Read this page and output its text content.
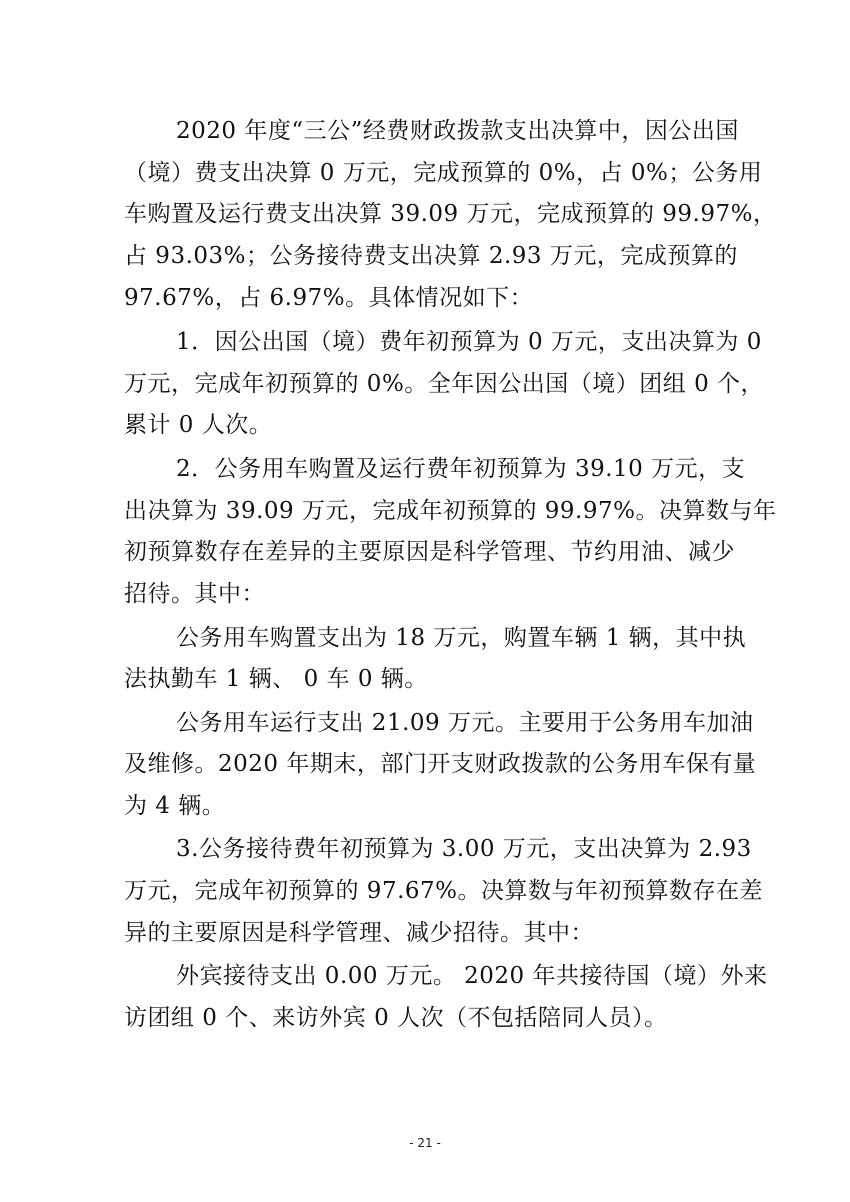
2020 年度“三公”经费财政拨款支出决算中，因公出国
（境）费支出决算 0 万元，完成预算的 0%，占 0%；公务用
车购置及运行费支出决算 39.09 万元，完成预算的 99.97%，
占 93.03%；公务接待费支出决算 2.93 万元，完成预算的
97.67%，占 6.97%。具体情况如下：
1．因公出国（境）费年初预算为 0 万元，支出决算为 0
万元，完成年初预算的 0%。全年因公出国（境）团组 0 个，
累计 0 人次。
2．公务用车购置及运行费年初预算为 39.10 万元，支
出决算为 39.09 万元，完成年初预算的 99.97%。决算数与年
初预算数存在差异的主要原因是科学管理、节约用油、减少
招待。其中：
公务用车购置支出为 18 万元，购置车辆 1 辆，其中执
法执勤车 1 辆、 0 车 0 辆。
公务用车运行支出 21.09 万元。主要用于公务用车加油
及维修。2020 年期末，部门开支财政拨款的公务用车保有量
为 4 辆。
3.公务接待费年初预算为 3.00 万元，支出决算为 2.93
万元，完成年初预算的 97.67%。决算数与年初预算数存在差
异的主要原因是科学管理、减少招待。其中：
外宾接待支出 0.00 万元。 2020 年共接待国（境）外来
访团组 0 个、来访外宾 0 人次（不包括陪同人员）。
- 21 -
